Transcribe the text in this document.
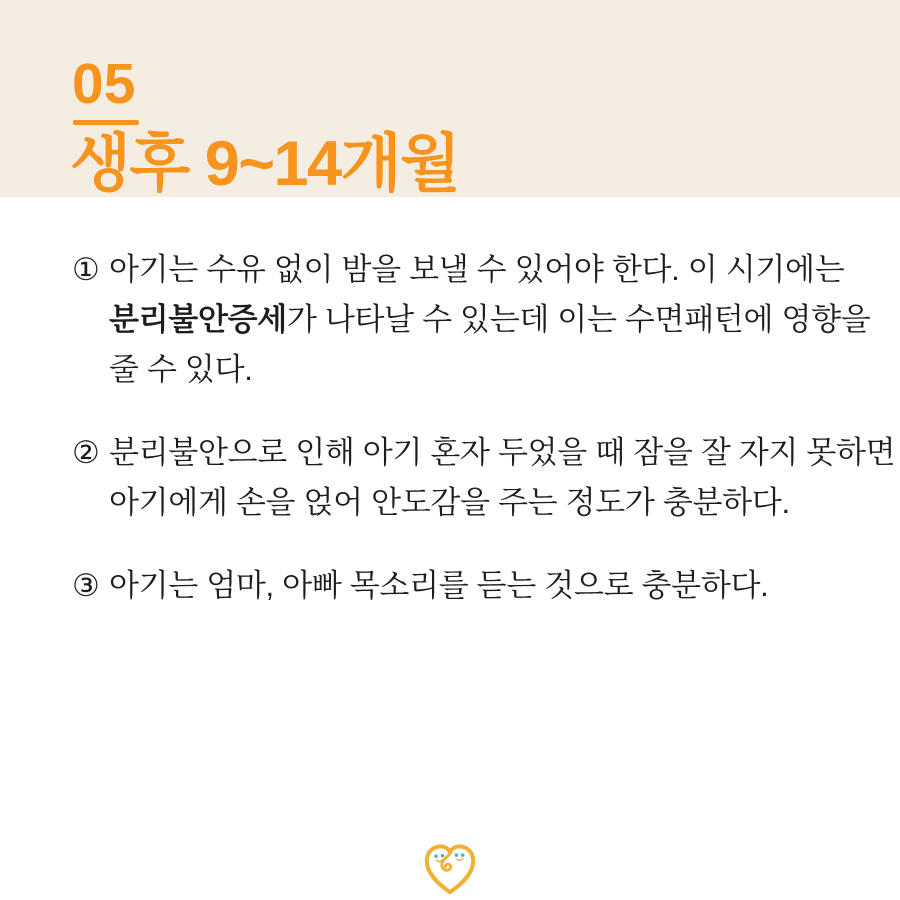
05
생후 9~14개월
① 아기는 수유 없이 밤을 보낼 수 있어야 한다. 이 시기에는
분리불안증세가 나타날 수 있는데 이는 수면패턴에 영향을
줄 수 있다.
② 분리불안으로 인해 아기 혼자 두었을 때 잠을 잘 자지 못하면
아기에게 손을 얹어 안도감을 주는 정도가 충분하다.
③ 아기는 엄마, 아빠 목소리를 듣는 것으로 충분하다.
